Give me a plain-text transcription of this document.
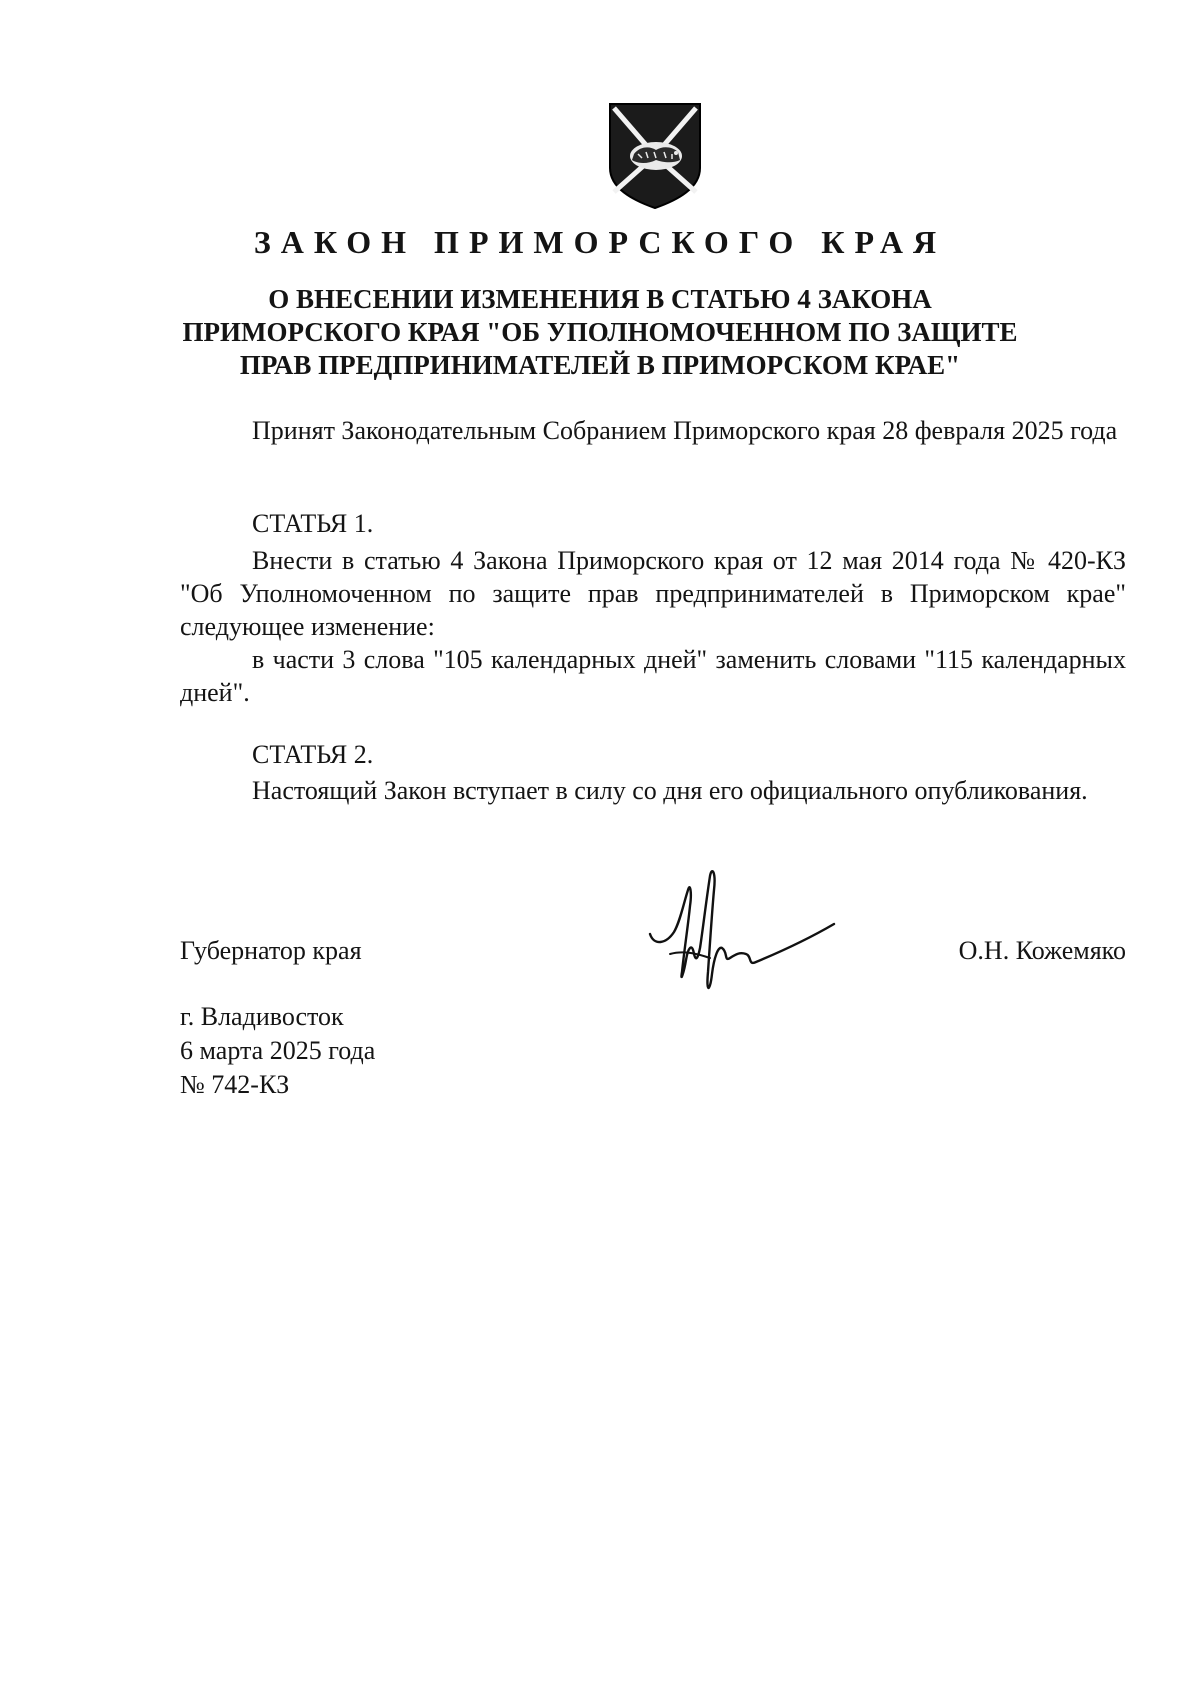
ЗАКОН ПРИМОРСКОГО КРАЯ
О ВНЕСЕНИИ ИЗМЕНЕНИЯ В СТАТЬЮ 4 ЗАКОНА
ПРИМОРСКОГО КРАЯ "ОБ УПОЛНОМОЧЕННОМ ПО ЗАЩИТЕ
ПРАВ ПРЕДПРИНИМАТЕЛЕЙ В ПРИМОРСКОМ КРАЕ"

Принят Законодательным Собранием Приморского края 28 февраля 2025 года

СТАТЬЯ 1.

Внести в статью 4 Закона Приморского края от 12 мая 2014 года № 420-КЗ "Об Уполномоченном по защите прав предпринимателей в Приморском крае" следующее изменение:

в части 3 слова "105 календарных дней" заменить словами "115 календарных дней".

СТАТЬЯ 2.

Настоящий Закон вступает в силу со дня его официального опубликования.

Губернатор края	О.Н. Кожемяко

г. Владивосток
6 марта 2025 года
№ 742-КЗ
